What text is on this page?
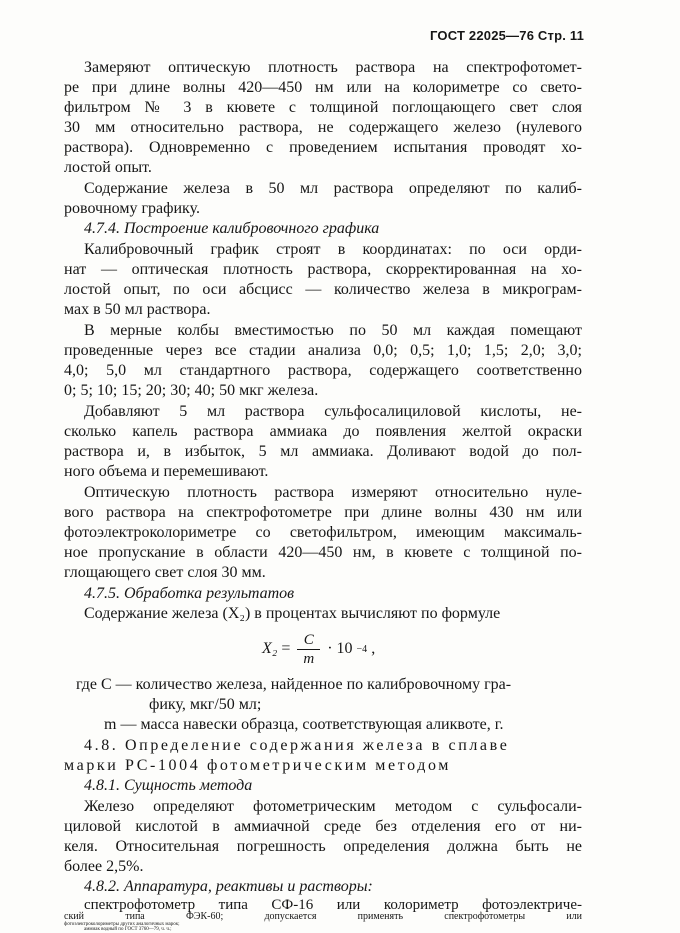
ГОСТ 22025—76 Стр. 11
Замеряют оптическую плотность раствора на спектрофотомет-
ре при длине волны 420—450 нм или на колориметре со свето-
фильтром № 3 в кювете с толщиной поглощающего свет слоя
30 мм относительно раствора, не содержащего железо (нулевого
раствора). Одновременно с проведением испытания проводят хо-
лостой опыт.
Содержание железа в 50 мл раствора определяют по калиб-
ровочному графику.
4.7.4. Построение калибровочного графика
Калибровочный график строят в координатах: по оси орди-
нат — оптическая плотность раствора, скорректированная на хо-
лостой опыт, по оси абсцисс — количество железа в микрограм-
мах в 50 мл раствора.
В мерные колбы вместимостью по 50 мл каждая помещают
проведенные через все стадии анализа 0,0; 0,5; 1,0; 1,5; 2,0; 3,0;
4,0; 5,0 мл стандартного раствора, содержащего соответственно
0; 5; 10; 15; 20; 30; 40; 50 мкг железа.
Добавляют 5 мл раствора сульфосалициловой кислоты, не-
сколько капель раствора аммиака до появления желтой окраски
раствора и, в избыток, 5 мл аммиака. Доливают водой до пол-
ного объема и перемешивают.
Оптическую плотность раствора измеряют относительно нуле-
вого раствора на спектрофотометре при длине волны 430 нм или
фотоэлектроколориметре со светофильтром, имеющим максималь-
ное пропускание в области 420—450 нм, в кювете с толщиной по-
глощающего свет слоя 30 мм.
4.7.5. Обработка результатов
Содержание железа (X₂) в процентах вычисляют по формуле
$X_2 = \frac{C}{m} \cdot 10 -4$ ,
где C — количество железа, найденное по калибровочному гра-
фику, мкг/50 мл;
m — масса навески образца, соответствующая аликвоте, г.
4.8. Определение содержания железа в сплаве
марки РС-1004 фотометрическим методом
4.8.1. Сущность метода
Железо определяют фотометрическим методом с сульфосали-
циловой кислотой в аммиачной среде без отделения его от ни-
келя. Относительная погрешность определения должна быть не
более 2,5%.
4.8.2. Аппаратура, реактивы и растворы:
спектрофотометр типа СФ-16 или колориметр фотоэлектриче-
ский типа ФЭК-60; допускается применять спектрофотометры или
фотоэлектроколориметры других аналогичных марок;
аммиак водный по ГОСТ 3760—79, ч. ч.;
